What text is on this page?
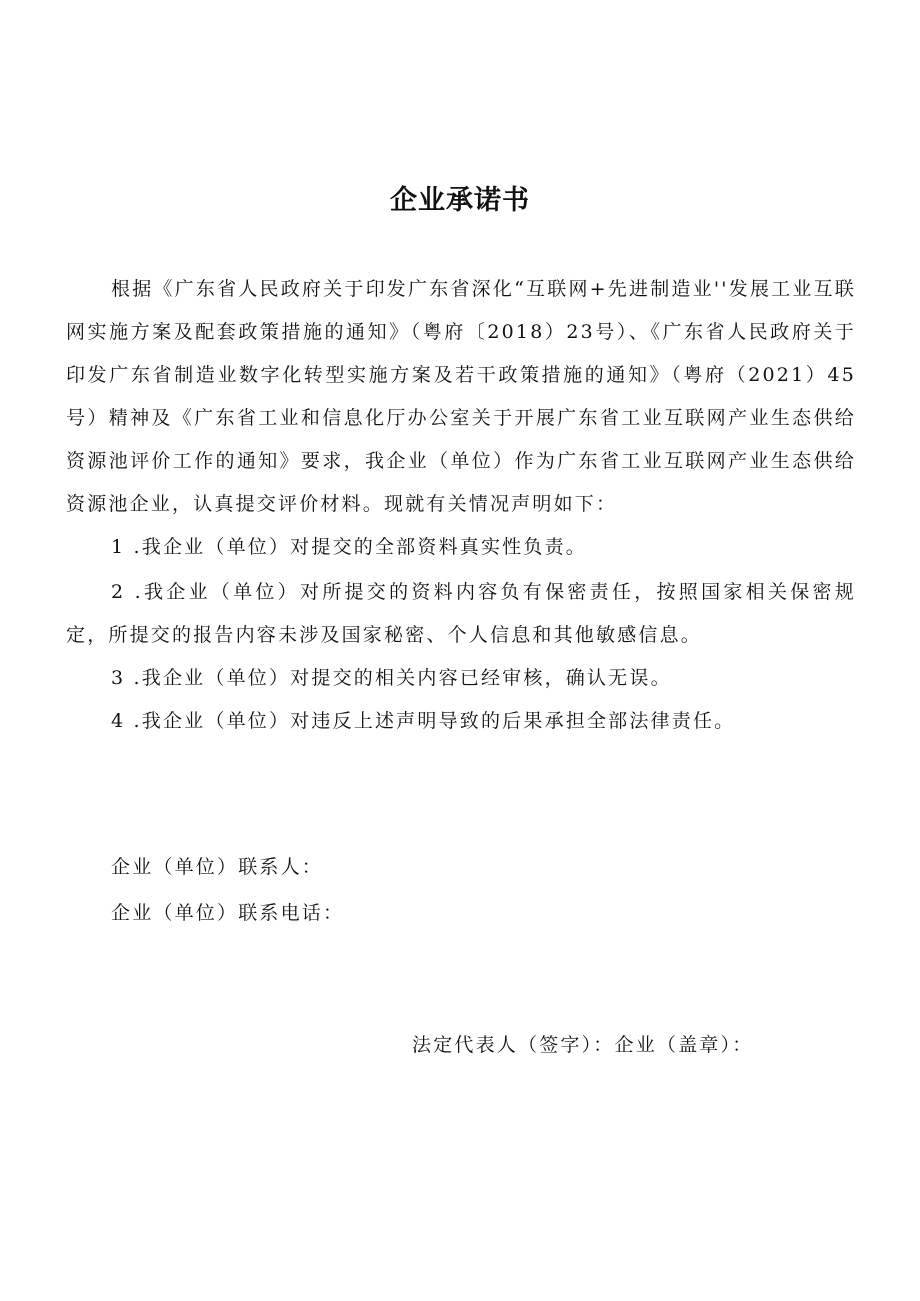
企业承诺书

根据《广东省人民政府关于印发广东省深化“互联网+先进制造业''发展工业互联网实施方案及配套政策措施的通知》（粤府〔2018）23号）、《广东省人民政府关于印发广东省制造业数字化转型实施方案及若干政策措施的通知》（粤府（2021）45号）精神及《广东省工业和信息化厅办公室关于开展广东省工业互联网产业生态供给资源池评价工作的通知》要求，我企业（单位）作为广东省工业互联网产业生态供给资源池企业，认真提交评价材料。现就有关情况声明如下：

1 .我企业（单位）对提交的全部资料真实性负责。

2 .我企业（单位）对所提交的资料内容负有保密责任，按照国家相关保密规定，所提交的报告内容未涉及国家秘密、个人信息和其他敏感信息。

3 .我企业（单位）对提交的相关内容已经审核，确认无误。

4 .我企业（单位）对违反上述声明导致的后果承担全部法律责任。

企业（单位）联系人：
企业（单位）联系电话：
法定代表人（签字）：企业（盖章）：
